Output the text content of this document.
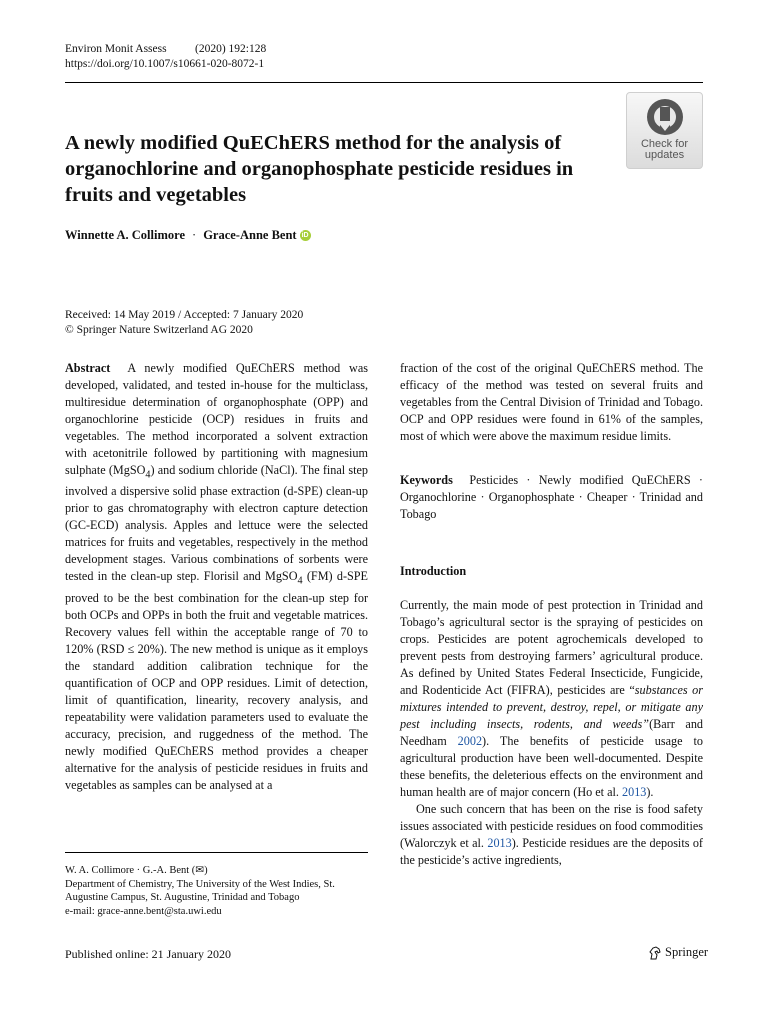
Environ Monit Assess	(2020) 192:128
https://doi.org/10.1007/s10661-020-8072-1
Check for
updates
A newly modified QuEChERS method for the analysis of organochlorine and organophosphate pesticide residues in fruits and vegetables
Winnette A. Collimore · Grace-Anne Bent iD
Received: 14 May 2019 / Accepted: 7 January 2020
© Springer Nature Switzerland AG 2020

Abstract A newly modified QuEChERS method was developed, validated, and tested in-house for the multiclass, multiresidue determination of organophosphate (OPP) and organochlorine pesticide (OCP) residues in fruits and vegetables. The method incorporated a solvent extraction with acetonitrile followed by partitioning with magnesium sulphate (MgSO$_4$) and sodium chloride (NaCl). The final step involved a dispersive solid phase extraction (d-SPE) clean-up prior to gas chromatography with electron capture detection (GC-ECD) analysis. Apples and lettuce were the selected matrices for fruits and vegetables, respectively in the method development stages. Various combinations of sorbents were tested in the clean-up step. Florisil and MgSO$_4$ (FM) d-SPE proved to be the best combination for the clean-up step for both OCPs and OPPs in both the fruit and vegetable matrices. Recovery values fell within the acceptable range of 70 to 120% (RSD ≤ 20%). The new method is unique as it employs the standard addition calibration technique for the quantification of OCP and OPP residues. Limit of detection, limit of quantification, linearity, recovery analysis, and repeatability were validation parameters used to evaluate the accuracy, precision, and ruggedness of the method. The newly modified QuEChERS method provides a cheaper alternative for the analysis of pesticide residues in fruits and vegetables as samples can be analysed at a

W. A. Collimore · G.-A. Bent (✉)
Department of Chemistry, The University of the West Indies, St. Augustine Campus, St. Augustine, Trinidad and Tobago
e-mail: grace-anne.bent@sta.uwi.edu

fraction of the cost of the original QuEChERS method. The efficacy of the method was tested on several fruits and vegetables from the Central Division of Trinidad and Tobago. OCP and OPP residues were found in 61% of the samples, most of which were above the maximum residue limits.

Keywords Pesticides · Newly modified QuEChERS · Organochlorine · Organophosphate · Cheaper · Trinidad and Tobago

Introduction

Currently, the main mode of pest protection in Trinidad and Tobago’s agricultural sector is the spraying of pesticides on crops. Pesticides are potent agrochemicals developed to prevent pests from destroying farmers’ agricultural produce. As defined by United States Federal Insecticide, Fungicide, and Rodenticide Act (FIFRA), pesticides are “substances or mixtures intended to prevent, destroy, repel, or mitigate any pest including insects, rodents, and weeds”(Barr and Needham 2002). The benefits of pesticide usage to agricultural production have been well-documented. Despite these benefits, the deleterious effects on the environment and human health are of major concern (Ho et al. 2013).

One such concern that has been on the rise is food safety issues associated with pesticide residues on food commodities (Walorczyk et al. 2013). Pesticide residues are the deposits of the pesticide’s active ingredients,

Published online: 21 January 2020	Springer
